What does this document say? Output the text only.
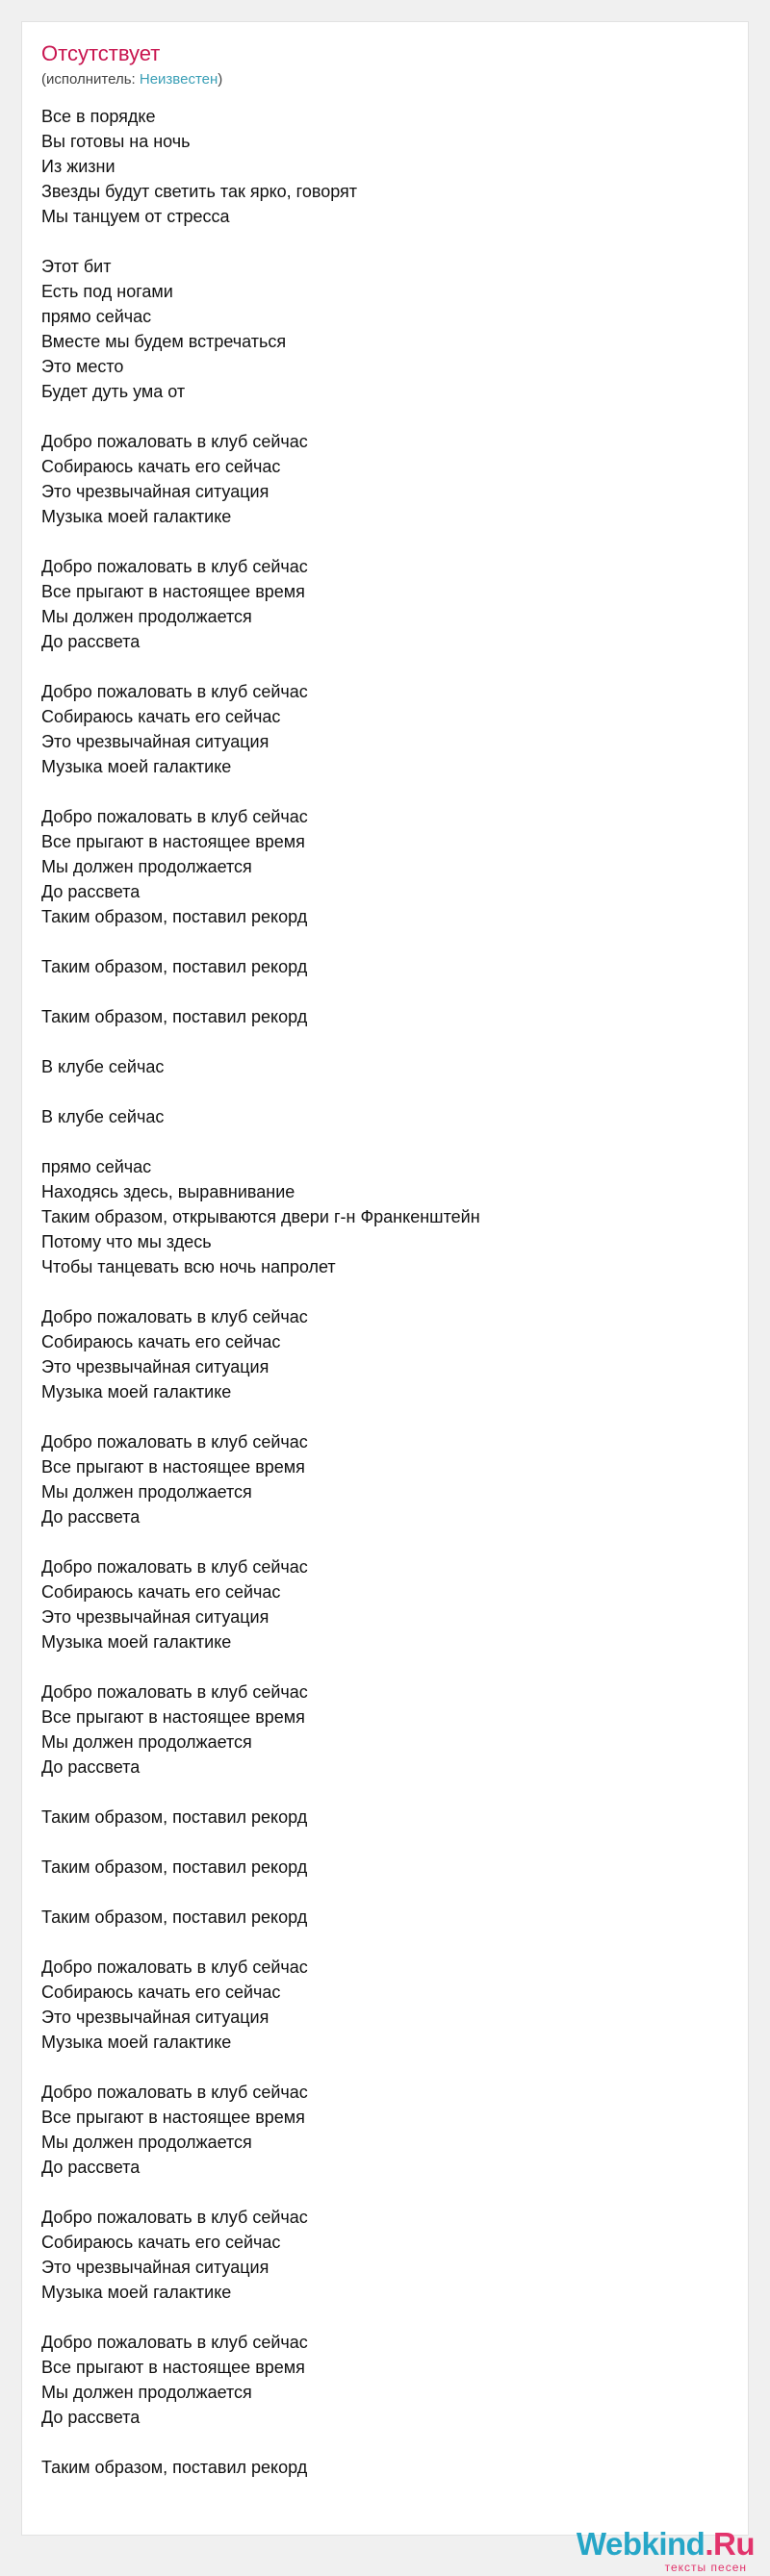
Отсутствует
(исполнитель: Неизвестен)
Все в порядке
Вы готовы на ночь
Из жизни
Звезды будут светить так ярко, говорят
Мы танцуем от стресса
Этот бит
Есть под ногами
прямо сейчас
Вместе мы будем встречаться
Это место
Будет дуть ума от
Добро пожаловать в клуб сейчас
Собираюсь качать его сейчас
Это чрезвычайная ситуация
Музыка моей галактике
Добро пожаловать в клуб сейчас
Все прыгают в настоящее время
Мы должен продолжается
До рассвета
Добро пожаловать в клуб сейчас
Собираюсь качать его сейчас
Это чрезвычайная ситуация
Музыка моей галактике
Добро пожаловать в клуб сейчас
Все прыгают в настоящее время
Мы должен продолжается
До рассвета
Таким образом, поставил рекорд
Таким образом, поставил рекорд
Таким образом, поставил рекорд
В клубе сейчас
В клубе сейчас
прямо сейчас
Находясь здесь, выравнивание
Таким образом, открываются двери г-н Франкенштейн
Потому что мы здесь
Чтобы танцевать всю ночь напролет
Добро пожаловать в клуб сейчас
Собираюсь качать его сейчас
Это чрезвычайная ситуация
Музыка моей галактике
Добро пожаловать в клуб сейчас
Все прыгают в настоящее время
Мы должен продолжается
До рассвета
Добро пожаловать в клуб сейчас
Собираюсь качать его сейчас
Это чрезвычайная ситуация
Музыка моей галактике
Добро пожаловать в клуб сейчас
Все прыгают в настоящее время
Мы должен продолжается
До рассвета
Таким образом, поставил рекорд
Таким образом, поставил рекорд
Таким образом, поставил рекорд
Добро пожаловать в клуб сейчас
Собираюсь качать его сейчас
Это чрезвычайная ситуация
Музыка моей галактике
Добро пожаловать в клуб сейчас
Все прыгают в настоящее время
Мы должен продолжается
До рассвета
Добро пожаловать в клуб сейчас
Собираюсь качать его сейчас
Это чрезвычайная ситуация
Музыка моей галактике
Добро пожаловать в клуб сейчас
Все прыгают в настоящее время
Мы должен продолжается
До рассвета
Таким образом, поставил рекорд
Webkind.Ru
тексты песен
